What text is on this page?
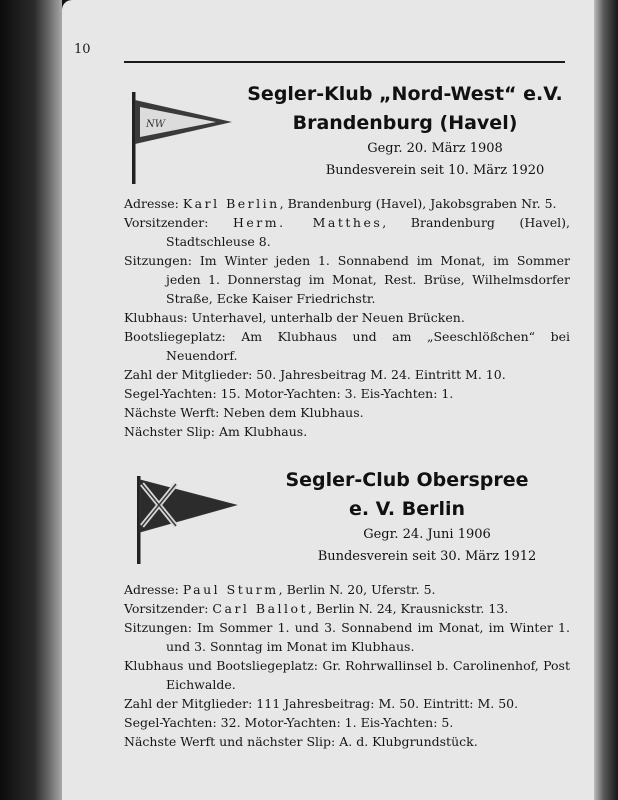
10
NW
Segler-Klub „Nord-West“ e.V.
Brandenburg (Havel)
Gegr. 20. März 1908
Bundesverein seit 10. März 1920
Adresse: Karl Berlin, Brandenburg (Havel), Jakobsgraben Nr. 5.
Vorsitzender: Herm. Matthes, Brandenburg (Havel), Stadtschleuse 8.
Sitzungen: Im Winter jeden 1. Sonnabend im Monat, im Sommer jeden 1. Donnerstag im Monat, Rest. Brüse, Wilhelmsdorfer Straße, Ecke Kaiser Friedrichstr.
Klubhaus: Unterhavel, unterhalb der Neuen Brücken.
Bootsliegeplatz: Am Klubhaus und am „Seeschlößchen“ bei Neuendorf.
Zahl der Mitglieder: 50. Jahresbeitrag M. 24. Eintritt M. 10.
Segel-Yachten: 15. Motor-Yachten: 3. Eis-Yachten: 1.
Nächste Werft: Neben dem Klubhaus.
Nächster Slip: Am Klubhaus.
Segler-Club Oberspree
e. V. Berlin
Gegr. 24. Juni 1906
Bundesverein seit 30. März 1912
Adresse: Paul Sturm, Berlin N. 20, Uferstr. 5.
Vorsitzender: Carl Ballot, Berlin N. 24, Krausnickstr. 13.
Sitzungen: Im Sommer 1. und 3. Sonnabend im Monat, im Winter 1. und 3. Sonntag im Monat im Klubhaus.
Klubhaus und Bootsliegeplatz: Gr. Rohrwallinsel b. Carolinenhof, Post Eichwalde.
Zahl der Mitglieder: 111 Jahresbeitrag: M. 50. Eintritt: M. 50.
Segel-Yachten: 32. Motor-Yachten: 1. Eis-Yachten: 5.
Nächste Werft und nächster Slip: A. d. Klubgrundstück.
